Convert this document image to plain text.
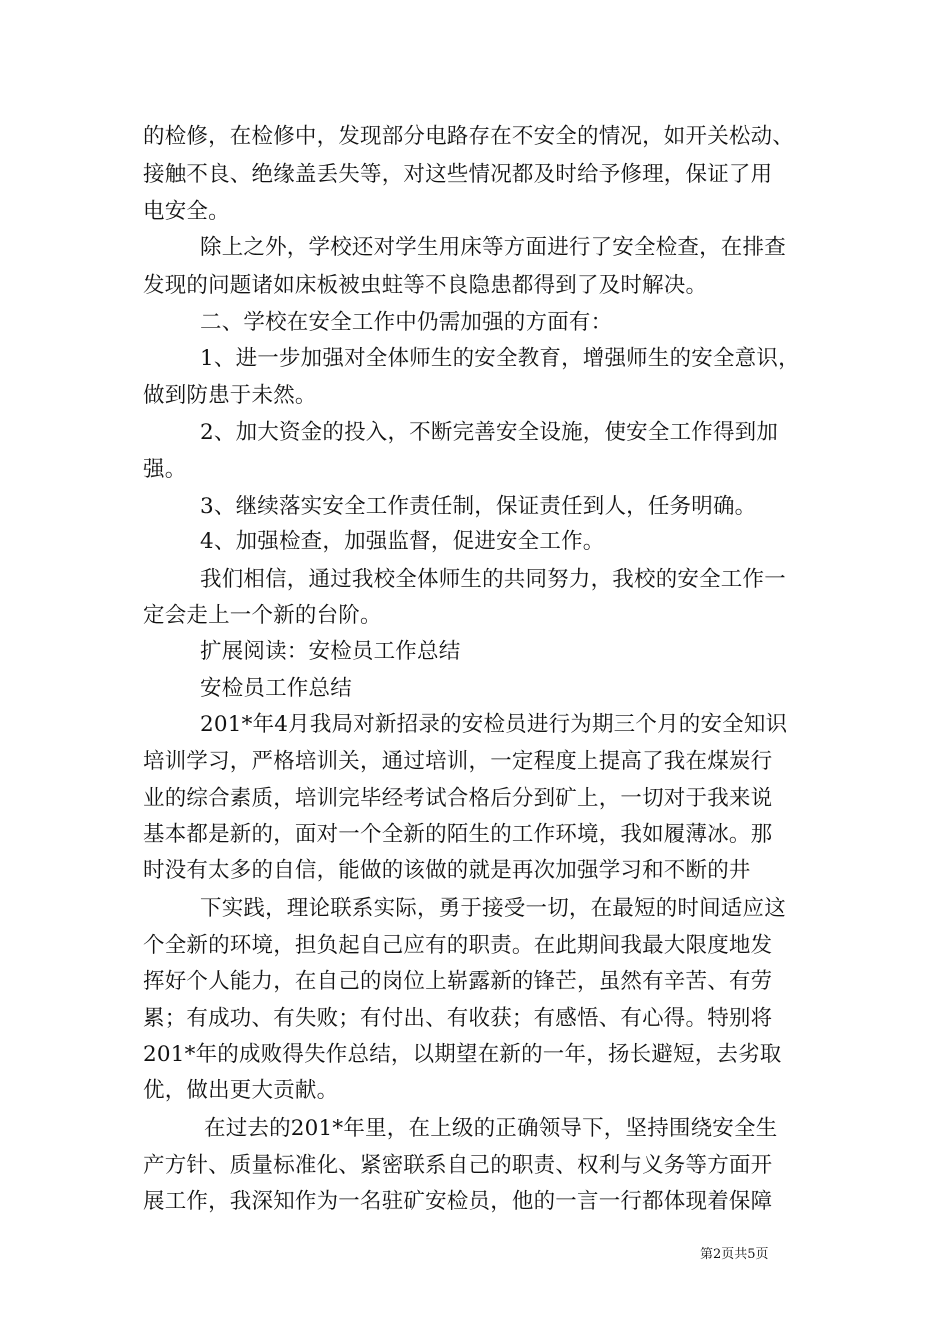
的检修，在检修中，发现部分电路存在不安全的情况，如开关松动、
接触不良、绝缘盖丢失等，对这些情况都及时给予修理，保证了用
电安全。
除上之外，学校还对学生用床等方面进行了安全检查，在排查
发现的问题诸如床板被虫蛀等不良隐患都得到了及时解决。
二、学校在安全工作中仍需加强的方面有：
1、进一步加强对全体师生的安全教育，增强师生的安全意识，
做到防患于未然。
2、加大资金的投入，不断完善安全设施，使安全工作得到加
强。
3、继续落实安全工作责任制，保证责任到人，任务明确。
4、加强检查，加强监督，促进安全工作。
我们相信，通过我校全体师生的共同努力，我校的安全工作一
定会走上一个新的台阶。
扩展阅读：安检员工作总结
安检员工作总结
201*年4月我局对新招录的安检员进行为期三个月的安全知识
培训学习，严格培训关，通过培训，一定程度上提高了我在煤炭行
业的综合素质，培训完毕经考试合格后分到矿上，一切对于我来说
基本都是新的，面对一个全新的陌生的工作环境，我如履薄冰。那
时没有太多的自信，能做的该做的就是再次加强学习和不断的井
下实践，理论联系实际，勇于接受一切，在最短的时间适应这
个全新的环境，担负起自己应有的职责。在此期间我最大限度地发
挥好个人能力，在自己的岗位上崭露新的锋芒，虽然有辛苦、有劳
累；有成功、有失败；有付出、有收获；有感悟、有心得。特别将
201*年的成败得失作总结，以期望在新的一年，扬长避短，去劣取
优，做出更大贡献。
在过去的201*年里，在上级的正确领导下，坚持围绕安全生
产方针、质量标准化、紧密联系自己的职责、权利与义务等方面开
展工作，我深知作为一名驻矿安检员，他的一言一行都体现着保障
第2页共5页
